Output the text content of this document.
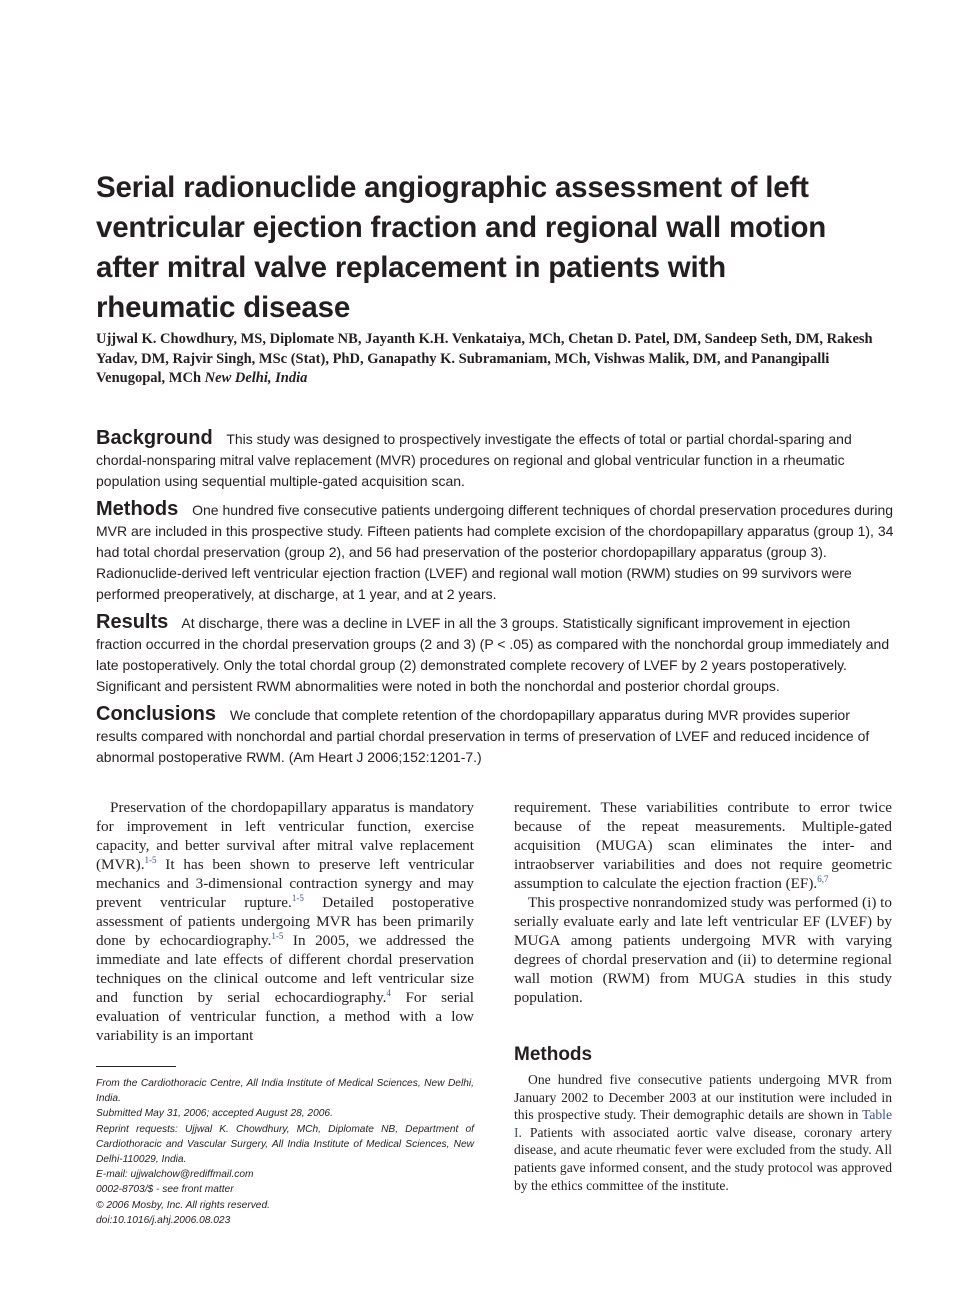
Serial radionuclide angiographic assessment of left ventricular ejection fraction and regional wall motion after mitral valve replacement in patients with rheumatic disease
Ujjwal K. Chowdhury, MS, Diplomate NB, Jayanth K.H. Venkataiya, MCh, Chetan D. Patel, DM, Sandeep Seth, DM, Rakesh Yadav, DM, Rajvir Singh, MSc (Stat), PhD, Ganapathy K. Subramaniam, MCh, Vishwas Malik, DM, and Panangipalli Venugopal, MCh New Delhi, India

Background This study was designed to prospectively investigate the effects of total or partial chordal-sparing and chordal-nonsparing mitral valve replacement (MVR) procedures on regional and global ventricular function in a rheumatic population using sequential multiple-gated acquisition scan.

Methods One hundred five consecutive patients undergoing different techniques of chordal preservation procedures during MVR are included in this prospective study. Fifteen patients had complete excision of the chordopapillary apparatus (group 1), 34 had total chordal preservation (group 2), and 56 had preservation of the posterior chordopapillary apparatus (group 3). Radionuclide-derived left ventricular ejection fraction (LVEF) and regional wall motion (RWM) studies on 99 survivors were performed preoperatively, at discharge, at 1 year, and at 2 years.

Results At discharge, there was a decline in LVEF in all the 3 groups. Statistically significant improvement in ejection fraction occurred in the chordal preservation groups (2 and 3) (P < .05) as compared with the nonchordal group immediately and late postoperatively. Only the total chordal group (2) demonstrated complete recovery of LVEF by 2 years postoperatively. Significant and persistent RWM abnormalities were noted in both the nonchordal and posterior chordal groups.

Conclusions We conclude that complete retention of the chordopapillary apparatus during MVR provides superior results compared with nonchordal and partial chordal preservation in terms of preservation of LVEF and reduced incidence of abnormal postoperative RWM. (Am Heart J 2006;152:1201-7.)

Preservation of the chordopapillary apparatus is mandatory for improvement in left ventricular function, exercise capacity, and better survival after mitral valve replacement (MVR).$^{1-5}$ It has been shown to preserve left ventricular mechanics and 3-dimensional contraction synergy and may prevent ventricular rupture.$^{1-5}$ Detailed postoperative assessment of patients undergoing MVR has been primarily done by echocardiography.$^{1-5}$ In 2005, we addressed the immediate and late effects of different chordal preservation techniques on the clinical outcome and left ventricular size and function by serial echocardiography.$^4$ For serial evaluation of ventricular function, a method with a low variability is an important

requirement. These variabilities contribute to error twice because of the repeat measurements. Multiple-gated acquisition (MUGA) scan eliminates the inter- and intraobserver variabilities and does not require geometric assumption to calculate the ejection fraction (EF).$^{6,7}$

This prospective nonrandomized study was performed (i) to serially evaluate early and late left ventricular EF (LVEF) by MUGA among patients undergoing MVR with varying degrees of chordal preservation and (ii) to determine regional wall motion (RWM) from MUGA studies in this study population.

Methods
One hundred five consecutive patients undergoing MVR from January 2002 to December 2003 at our institution were included in this prospective study. Their demographic details are shown in Table I. Patients with associated aortic valve disease, coronary artery disease, and acute rheumatic fever were excluded from the study. All patients gave informed consent, and the study protocol was approved by the ethics committee of the institute.
From the Cardiothoracic Centre, All India Institute of Medical Sciences, New Delhi, India.
Submitted May 31, 2006; accepted August 28, 2006.
Reprint requests: Ujjwal K. Chowdhury, MCh, Diplomate NB, Department of Cardiothoracic and Vascular Surgery, All India Institute of Medical Sciences, New Delhi-110029, India.
E-mail: ujjwalchow@rediffmail.com
0002-8703/$ - see front matter
© 2006 Mosby, Inc. All rights reserved.
doi:10.1016/j.ahj.2006.08.023
